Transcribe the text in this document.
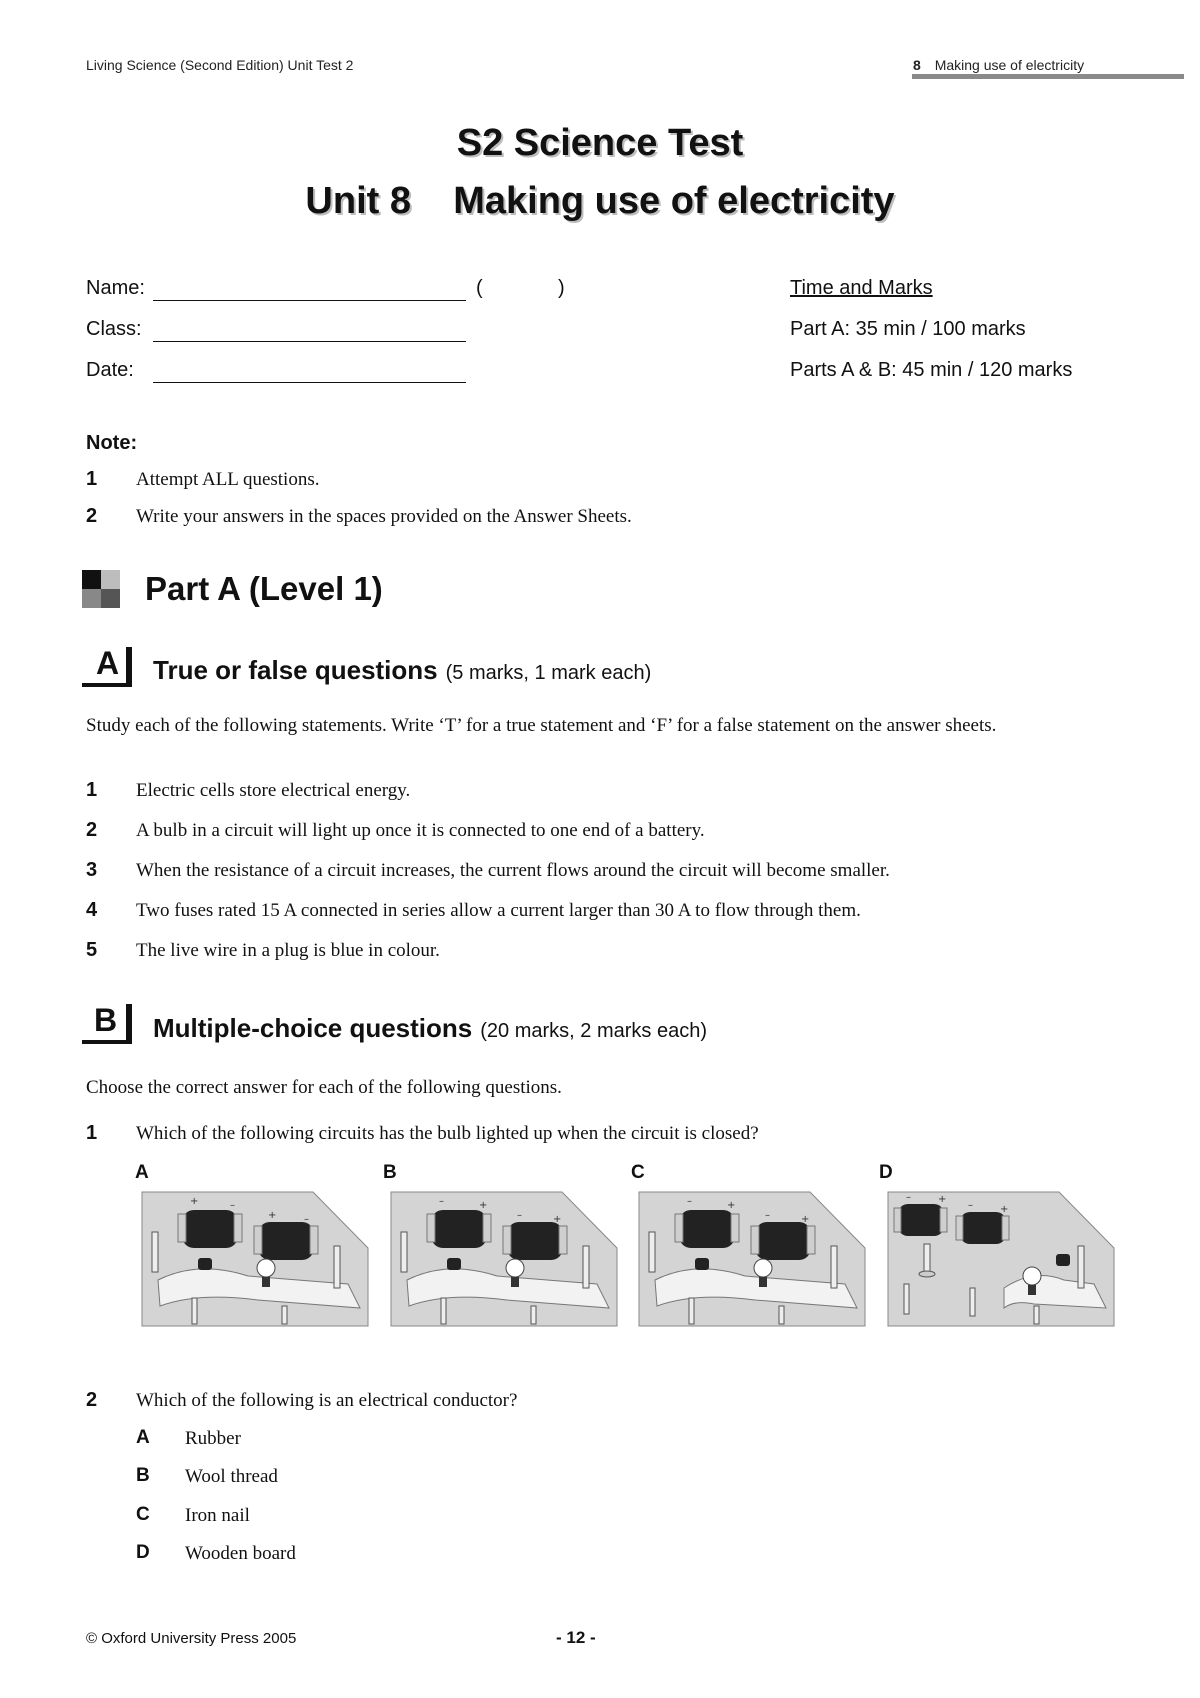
Living Science (Second Edition) Unit Test 2	8 Making use of electricity
S2 Science Test
Unit 8    Making use of electricity
Name:	(	)
Class:
Date:
Time and Marks
Part A: 35 min / 100 marks
Parts A & B: 45 min / 120 marks
Note:
1 Attempt ALL questions.
2 Write your answers in the spaces provided on the Answer Sheets.
Part A (Level 1)
A True or false questions (5 marks, 1 mark each)
Study each of the following statements. Write ‘T’ for a true statement and ‘F’ for a false statement on the answer sheets.
1 Electric cells store electrical energy.
2 A bulb in a circuit will light up once it is connected to one end of a battery.
3 When the resistance of a circuit increases, the current flows around the circuit will become smaller.
4 Two fuses rated 15 A connected in series allow a current larger than 30 A to flow through them.
5 The live wire in a plug is blue in colour.
B Multiple-choice questions (20 marks, 2 marks each)
Choose the correct answer for each of the following questions.
1 Which of the following circuits has the bulb lighted up when the circuit is closed?
A	B	C	D
+	–
+	–
–	+
–	+
–	+
–	+
–	+
–	+
2 Which of the following is an electrical conductor?
A Rubber
B Wool thread
C Iron nail
D Wooden board
© Oxford University Press 2005	- 12 -
